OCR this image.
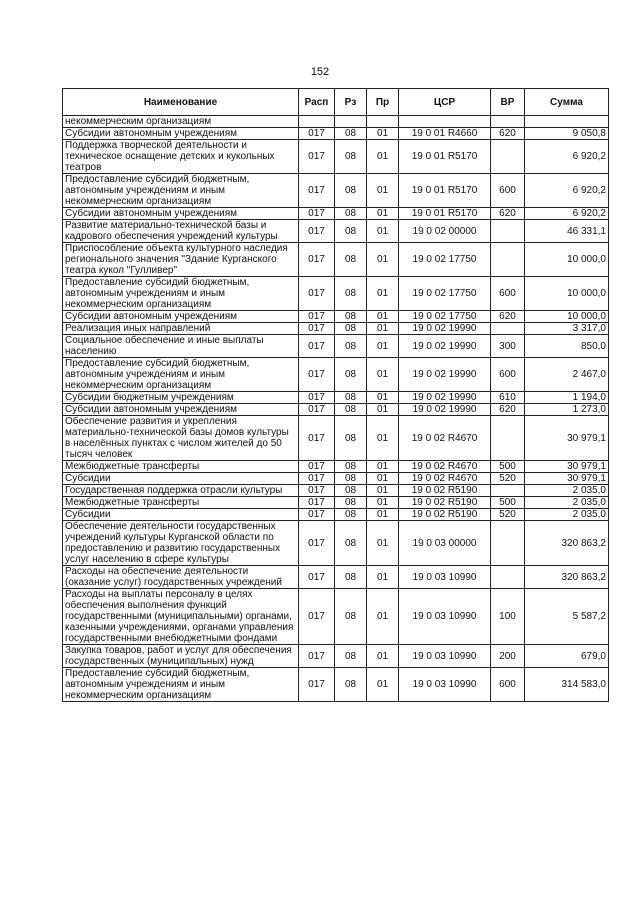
152
Наименование	Расп	Рз	Пр	ЦСР	ВР	Сумма
некоммерческим организациям						
Субсидии автономным учреждениям	017	08	01	19 0 01 R4660	620	9 050,8
Поддержка творческой деятельности и техническое оснащение детских и кукольных театров	017	08	01	19 0 01 R5170		6 920,2
Предоставление субсидий бюджетным, автономным учреждениям и иным некоммерческим организациям	017	08	01	19 0 01 R5170	600	6 920,2
Субсидии автономным учреждениям	017	08	01	19 0 01 R5170	620	6 920,2
Развитие материально-технической базы и кадрового обеспечения учреждений культуры	017	08	01	19 0 02 00000		46 331,1
Приспособление объекта культурного наследия регионального значения "Здание Курганского театра кукол "Гулливер"	017	08	01	19 0 02 17750		10 000,0
Предоставление субсидий бюджетным, автономным учреждениям и иным некоммерческим организациям	017	08	01	19 0 02 17750	600	10 000,0
Субсидии автономным учреждениям	017	08	01	19 0 02 17750	620	10 000,0
Реализация иных направлений	017	08	01	19 0 02 19990		3 317,0
Социальное обеспечение и иные выплаты населению	017	08	01	19 0 02 19990	300	850,0
Предоставление субсидий бюджетным, автономным учреждениям и иным некоммерческим организациям	017	08	01	19 0 02 19990	600	2 467,0
Субсидии бюджетным учреждениям	017	08	01	19 0 02 19990	610	1 194,0
Субсидии автономным учреждениям	017	08	01	19 0 02 19990	620	1 273,0
Обеспечение развития и укрепления материально-технической базы домов культуры в населённых пунктах с числом жителей до 50 тысяч человек	017	08	01	19 0 02 R4670		30 979,1
Межбюджетные трансферты	017	08	01	19 0 02 R4670	500	30 979,1
Субсидии	017	08	01	19 0 02 R4670	520	30 979,1
Государственная поддержка отрасли культуры	017	08	01	19 0 02 R5190		2 035,0
Межбюджетные трансферты	017	08	01	19 0 02 R5190	500	2 035,0
Субсидии	017	08	01	19 0 02 R5190	520	2 035,0
Обеспечение деятельности государственных учреждений культуры Курганской области по предоставлению и развитию государственных услуг населению в сфере культуры	017	08	01	19 0 03 00000		320 863,2
Расходы на обеспечение деятельности (оказание услуг) государственных учреждений	017	08	01	19 0 03 10990		320 863,2
Расходы на выплаты персоналу в целях обеспечения выполнения функций государственными (муниципальными) органами, казенными учреждениями, органами управления государственными внебюджетными фондами	017	08	01	19 0 03 10990	100	5 587,2
Закупка товаров, работ и услуг для обеспечения государственных (муниципальных) нужд	017	08	01	19 0 03 10990	200	679,0
Предоставление субсидий бюджетным, автономным учреждениям и иным некоммерческим организациям	017	08	01	19 0 03 10990	600	314 583,0
